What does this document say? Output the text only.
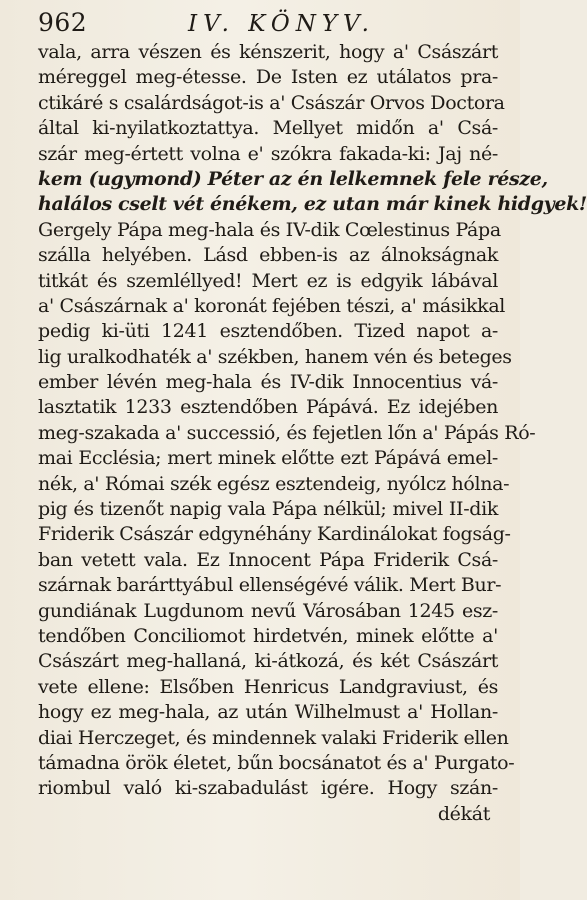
962	IV. KÖNYV.
vala, arra vészen és kénszerit, hogy a' Császárt
méreggel meg-étesse. De Isten ez utálatos pra-
ctikáré s csalárdságot-is a' Császár Orvos Doctora
által ki-nyilatkoztattya. Mellyet midőn a' Csá-
szár meg-értett volna e' szókra fakada-ki: Jaj né-
kem (ugymond) Péter az én lelkemnek fele része,
halálos cselt vét énékem, ez utan már kinek hidgyek!
Gergely Pápa meg-hala és IV-dik Cœlestinus Pápa
szálla helyében. Lásd ebben-is az álnokságnak
titkát és szemléllyed! Mert ez is edgyik lábával
a' Császárnak a' koronát fejében tészi, a' másikkal
pedig ki-üti 1241 esztendőben. Tized napot a-
lig uralkodhaték a' székben, hanem vén és beteges
ember lévén meg-hala és IV-dik Innocentius vá-
lasztatik 1233 esztendőben Pápává. Ez idejében
meg-szakada a' successió, és fejetlen lőn a' Pápás Ró-
mai Ecclésia; mert minek előtte ezt Pápává emel-
nék, a' Római szék egész esztendeig, nyólcz hólna-
pig és tizenőt napig vala Pápa nélkül; mivel II-dik
Friderik Császár edgynéhány Kardinálokat fogság-
ban vetett vala. Ez Innocent Pápa Friderik Csá-
szárnak barárttyábul ellenségévé válik. Mert Bur-
gundiának Lugdunom nevű Városában 1245 esz-
tendőben Conciliomot hirdetvén, minek előtte a'
Császárt meg-hallaná, ki-átkozá, és két Császárt
vete ellene: Elsőben Henricus Landgraviust, és
hogy ez meg-hala, az után Wilhelmust a' Hollan-
diai Herczeget, és mindennek valaki Friderik ellen
támadna örök életet, bűn bocsánatot és a' Purgato-
riombul való ki-szabadulást igére. Hogy szán-
dékát
